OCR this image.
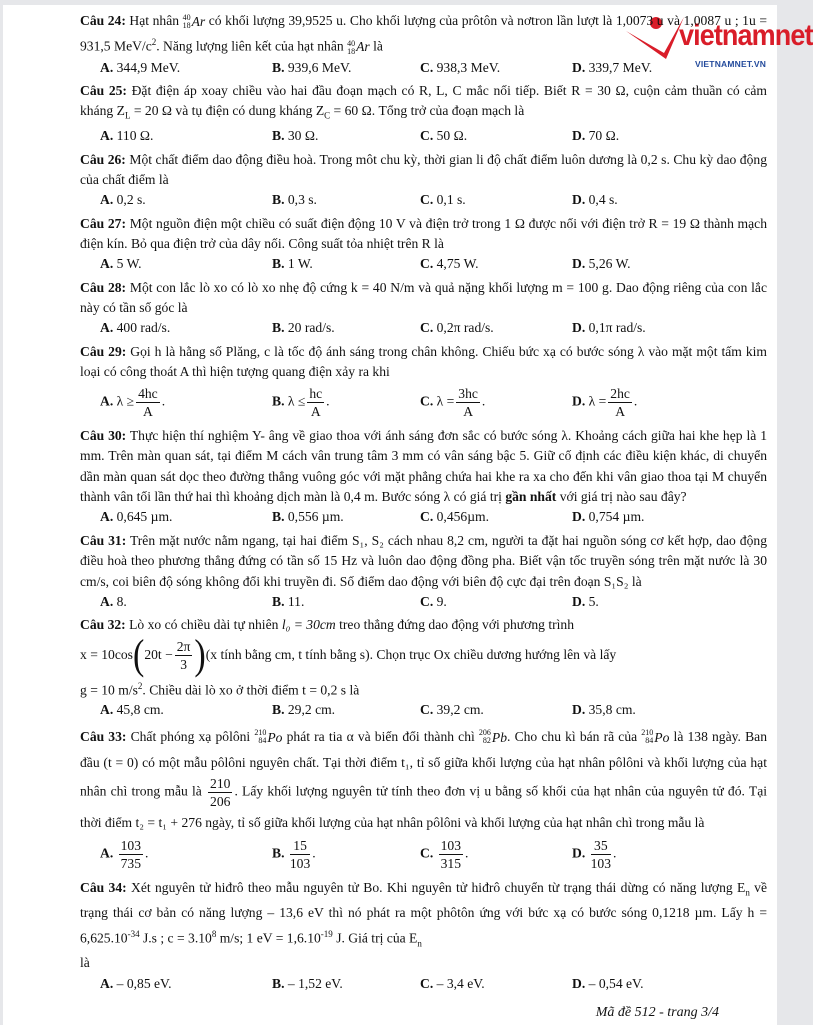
vietnamnet
VIETNAMNET.VN

Câu 24: Hạt nhân 40
18 Ar có khối lượng 39,9525 u. Cho khối lượng của prôtôn và nơtron lần lượt là 1,0073 u và 1,0087 u ; 1u = 931,5 MeV/$c^2$. Năng lượng liên kết của hạt nhân 40
18 Ar là

A. 344,9 MeV.	B. 939,6 MeV.	C. 938,3 MeV.	D. 339,7 MeV.

Câu 25: Đặt điện áp xoay chiều vào hai đầu đoạn mạch có R, L, C mắc nối tiếp. Biết R = 30 Ω, cuộn cảm thuần có cảm kháng $Z_L = 20$ Ω và tụ điện có dung kháng $Z_C = 60$ Ω. Tổng trở của đoạn mạch là

A. 110 Ω.	B. 30 Ω.	C. 50 Ω.	D. 70 Ω.

Câu 26: Một chất điểm dao động điều hoà. Trong môt chu kỳ, thời gian li độ chất điểm luôn dương là 0,2 s. Chu kỳ dao động của chất điểm là

A. 0,2 s.	B. 0,3 s.	C. 0,1 s.	D. 0,4 s.

Câu 27: Một nguồn điện một chiều có suất điện động 10 V và điện trở trong 1 Ω được nối với điện trở R = 19 Ω thành mạch điện kín. Bỏ qua điện trở của dây nối. Công suất tỏa nhiệt trên R là

A. 5 W.	B. 1 W.	C. 4,75 W.	D. 5,26 W.

Câu 28: Một con lắc lò xo có lò xo nhẹ độ cứng k = 40 N/m và quả nặng khối lượng m = 100 g. Dao động riêng của con lắc này có tần số góc là

A. 400 rad/s.	B. 20 rad/s.	C. 0,2π rad/s.	D. 0,1π rad/s.

Câu 29: Gọi h là hằng số Plăng, c là tốc độ ánh sáng trong chân không. Chiếu bức xạ có bước sóng λ vào mặt một tấm kim loại có công thoát A thì hiện tượng quang điện xảy ra khi

A. $\lambda \ge \frac{4hc}{A}$ .	B. $\lambda \le \frac{hc}{A}$ .	C. $\lambda = \frac{3hc}{A}$ .	D. $\lambda = \frac{2hc}{A}$ .

Câu 30: Thực hiện thí nghiệm Y- âng về giao thoa với ánh sáng đơn sắc có bước sóng λ. Khoảng cách giữa hai khe hẹp là 1 mm. Trên màn quan sát, tại điểm M cách vân trung tâm 3 mm có vân sáng bậc 5. Giữ cố định các điều kiện khác, di chuyển dần màn quan sát dọc theo đường thẳng vuông góc với mặt phẳng chứa hai khe ra xa cho đến khi vân giao thoa tại M chuyển thành vân tối lần thứ hai thì khoảng dịch màn là 0,4 m. Bước sóng λ có giá trị gần nhất với giá trị nào sau đây?

A. 0,645 µm.	B. 0,556 µm.	C. 0,456µm.	D. 0,754 µm.

Câu 31: Trên mặt nước nằm ngang, tại hai điểm S₁, S₂ cách nhau 8,2 cm, người ta đặt hai nguồn sóng cơ kết hợp, dao động điều hoà theo phương thẳng đứng có tần số 15 Hz và luôn dao động đồng pha. Biết vận tốc truyền sóng trên mặt nước là 30 cm/s, coi biên độ sóng không đổi khi truyền đi. Số điểm dao động với biên độ cực đại trên đoạn S₁S₂ là

A. 8.	B. 11.	C. 9.	D. 5.

Câu 32: Lò xo có chiều dài tự nhiên l₀ = 30cm treo thẳng đứng dao động với phương trình

x = 10cos ( $20t - \frac{2\pi}{3}$ ) (x tính bằng cm, t tính bằng s). Chọn trục Ox chiều dương hướng lên và lấy

g = 10 $m/s^2$. Chiều dài lò xo ở thời điểm t = 0,2 s là

A. 45,8 cm.	B. 29,2 cm.	C. 39,2 cm.	D. 35,8 cm.

Câu 33: Chất phóng xạ pôlôni 210
84 Po phát ra tia α và biến đổi thành chì 206
82 Pb . Cho chu kì bán rã của 210
84 Po là 138 ngày. Ban đầu (t = 0) có một mẫu pôlôni nguyên chất. Tại thời điểm t₁, tỉ số giữa khối lượng của hạt nhân pôlôni và khối lượng của hạt nhân chì trong mẫu là $\frac{210}{206}$ . Lấy khối lượng nguyên tử tính theo đơn vị u bằng số khối của hạt nhân của nguyên tử đó. Tại thời điểm t₂ = t₁ + 276 ngày, tỉ số giữa khối lượng của hạt nhân pôlôni và khối lượng của hạt nhân chì trong mẫu là

A. $\frac{103}{735}$ .	B. $\frac{15}{103}$ .	C. $\frac{103}{315}$ .	D. $\frac{35}{103}$ .

Câu 34: Xét nguyên tử hiđrô theo mẫu nguyên tử Bo. Khi nguyên tử hiđrô chuyển từ trạng thái dừng có năng lượng $E_n$ về trạng thái cơ bản có năng lượng – 13,6 eV thì nó phát ra một phôtôn ứng với bức xạ có bước sóng 0,1218 µm. Lấy $h = 6,625.10^{-34}$ J.s ; $c = 3.10^8$ m/s; 1 eV = $1,6.10^{-19}$ J. Giá trị của $E_n$
là

A. – 0,85 eV.	B. – 1,52 eV.	C. – 3,4 eV.	D. – 0,54 eV.
Mã đề 512 - trang 3/4
